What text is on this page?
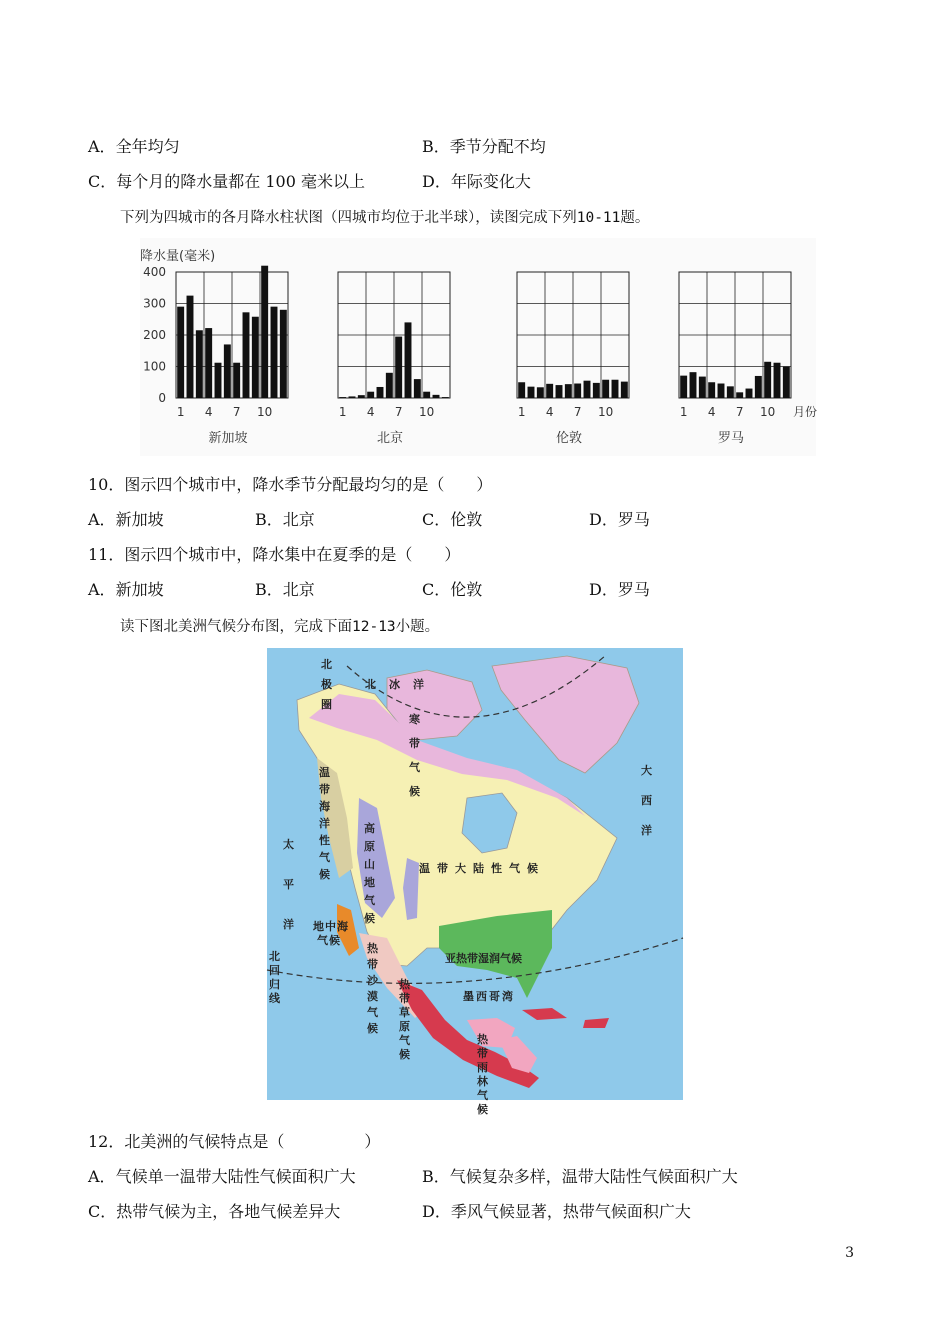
A．全年均匀	B．季节分配不均
C．每个月的降水量都在 100 毫米以上	D．年际变化大
下列为四城市的各月降水柱状图（四城市均位于北半球），读图完成下列10-11题。
降水量(毫米)
400
300
200
100
0
1 4 7 10
新加坡
1 4 7 10
北京
1 4 7 10
伦敦
1 4 7 10 月份
罗马
10．图示四个城市中，降水季节分配最均匀的是（　　）
A．新加坡	B．北京	C．伦敦	D．罗马
11．图示四个城市中，降水集中在夏季的是（　　）
A．新加坡	B．北京	C．伦敦	D．罗马
读下图北美洲气候分布图，完成下面12-13小题。
北
极
圈
北 冰 洋
寒
带
气
候
温
带
海
洋
性
气
候
高
原
山
地
气
候
温 带 大 陆 性 气 候
大
西
洋
太
平
洋 地 中 海
气 候
热
带
沙
漠
气
候
亚 热 带 湿 润 气 候
北
回
归
线	墨 西 哥 湾
热
带
草
原
气
候
热
带
雨
林
气
候
12．北美洲的气候特点是（　　　　　）
A．气候单一温带大陆性气候面积广大	B．气候复杂多样，温带大陆性气候面积广大
C．热带气候为主，各地气候差异大	D．季风气候显著，热带气候面积广大
3
